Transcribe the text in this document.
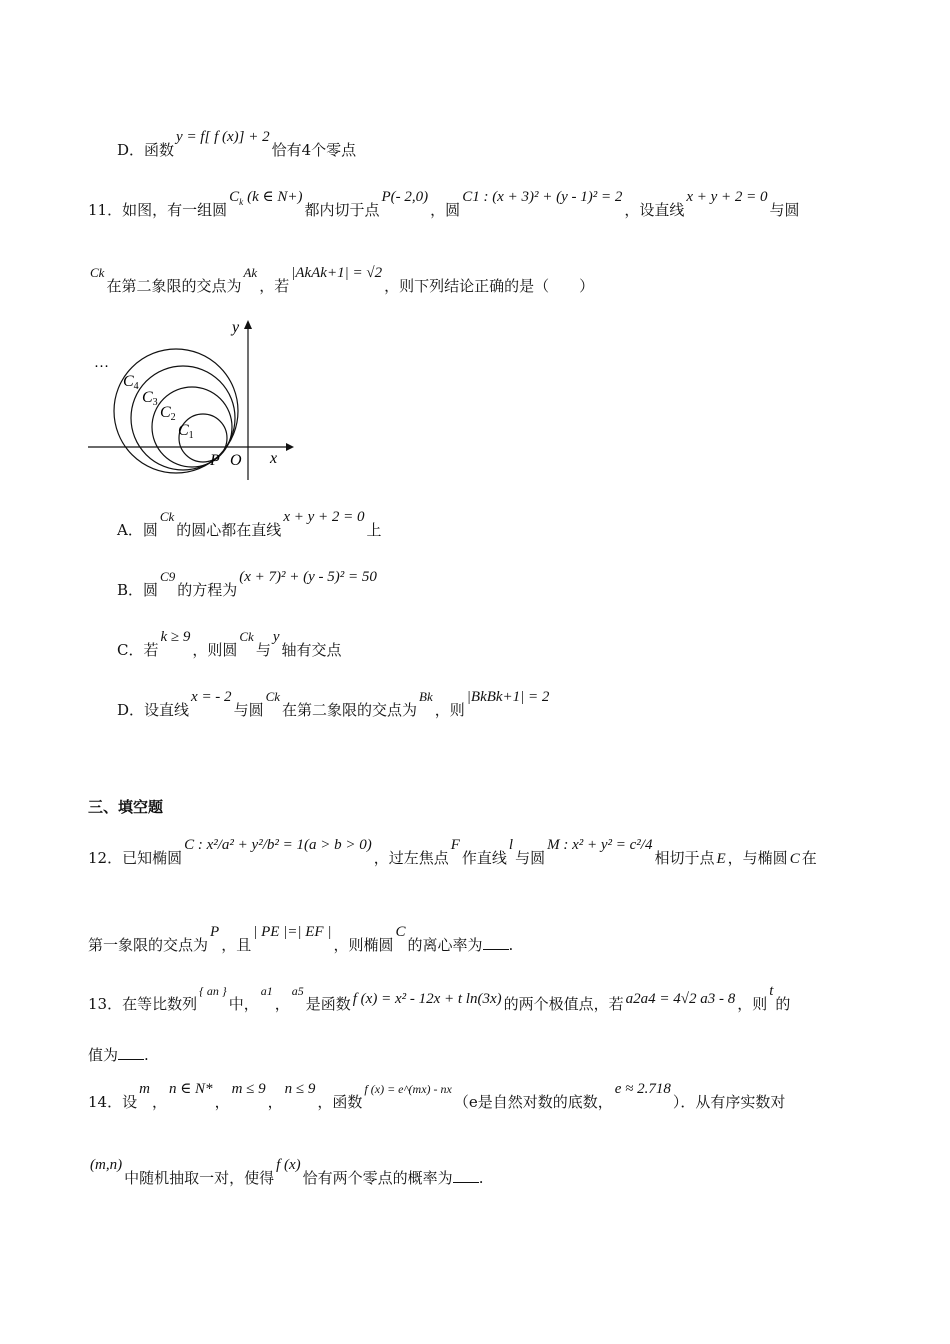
D．函数y = f[ f (x)] + 2恰有4个零点
11．如图，有一组圆$C_k$ (k ∈ N+)都内切于点P(- 2,0)，圆C1 : (x + 3)² + (y - 1)² = 2，设直线x + y + 2 = 0与圆
Ck在第二象限的交点为Ak，若|AkAk+1| = √2，则下列结论正确的是（　　）
…
y
x
P O
C1
C2
C3
C4
A．圆Ck的圆心都在直线x + y + 2 = 0上
B．圆C9的方程为(x + 7)² + (y - 5)² = 50
C．若k ≥ 9，则圆Ck与y轴有交点
D．设直线x = - 2与圆Ck在第二象限的交点为Bk，则|BkBk+1| = 2
三、填空题
12．已知椭圆C : x²/a² + y²/b² = 1(a > b > 0)，过左焦点F作直线l与圆M : x² + y² = c²/4相切于点 E ，与椭圆 C 在
第一象限的交点为P，且| PE |=| EF |，则椭圆C的离心率为 .
13．在等比数列$^{\{ an \}}$中，$^{a1}$，$^{a5}$是函数 f (x) = x² - 12x + t ln(3x) 的两个极值点，若 a2a4 = 4√2 a3 - 8 ，则t的
值为 .
14．设m，n ∈ N*，m ≤ 9，n ≤ 9，函数$^{f (x) = e\^{}(mx) - nx}$（e是自然对数的底数，e ≈ 2.718）．从有序实数对
(m,n)中随机抽取一对，使得f (x)恰有两个零点的概率为 .
